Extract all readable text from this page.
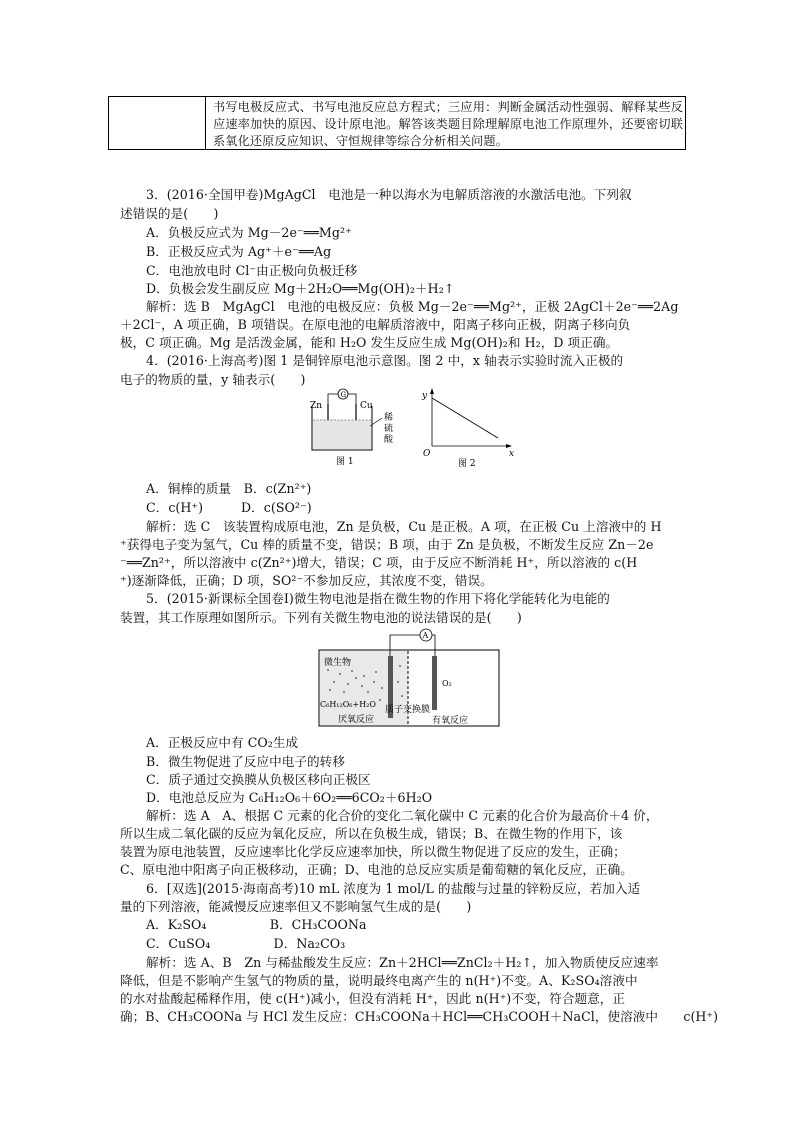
书写电极反应式、书写电池反应总方程式；三应用：判断金属活动性强弱、解释某些反应速率加快的原因、设计原电池。解答该类题目除理解原电池工作原理外，还要密切联系氧化还原反应知识、守恒规律等综合分析相关问题。
3．(2016·全国甲卷)MgAgCl　电池是一种以海水为电解质溶液的水激活电池。下列叙
述错误的是(　　)
A．负极反应式为 Mg－2e⁻══Mg²⁺
B．正极反应式为 Ag⁺＋e⁻══Ag
C．电池放电时 Cl⁻由正极向负极迁移
D．负极会发生副反应 Mg＋2H₂O══Mg(OH)₂＋H₂↑
解析：选 B　MgAgCl　电池的电极反应：负极 Mg－2e⁻══Mg²⁺，正极 2AgCl＋2e⁻══2Ag
＋2Cl⁻，A 项正确，B 项错误。在原电池的电解质溶液中，阳离子移向正极，阴离子移向负
极，C 项正确。Mg 是活泼金属，能和 H₂O 发生反应生成 Mg(OH)₂和 H₂，D 项正确。
4．(2016·上海高考)图 1 是铜锌原电池示意图。图 2 中，x 轴表示实验时流入正极的
电子的物质的量，y 轴表示(　　)
Zn
G
Cu
稀
硫
酸
图 1
y
O	x
图 2
A．铜棒的质量　B．c(Zn²⁺)
C．c(H⁺)　　　D．c(SO²⁻)
解析：选 C　该装置构成原电池，Zn 是负极，Cu 是正极。A 项，在正极 Cu 上溶液中的 H
⁺获得电子变为氢气，Cu 棒的质量不变，错误；B 项，由于 Zn 是负极，不断发生反应 Zn－2e
⁻══Zn²⁺，所以溶液中 c(Zn²⁺)增大，错误；C 项，由于反应不断消耗 H⁺，所以溶液的 c(H
⁺)逐渐降低，正确；D 项，SO²⁻不参加反应，其浓度不变，错误。
5．(2015·新课标全国卷Ⅰ)微生物电池是指在微生物的作用下将化学能转化为电能的
装置，其工作原理如图所示。下列有关微生物电池的说法错误的是(　　)
A
微生物
C₆H₁₂O₆+H₂O
O₂
质子交换膜
厌氧反应	有氧反应
A．正极反应中有 CO₂生成
B．微生物促进了反应中电子的转移
C．质子通过交换膜从负极区移向正极区
D．电池总反应为 C₆H₁₂O₆＋6O₂══6CO₂＋6H₂O
解析：选 A　A、根据 C 元素的化合价的变化二氧化碳中 C 元素的化合价为最高价＋4 价，
所以生成二氧化碳的反应为氧化反应，所以在负极生成，错误；B、在微生物的作用下，该
装置为原电池装置，反应速率比化学反应速率加快，所以微生物促进了反应的发生，正确；
C、原电池中阳离子向正极移动，正确；D、电池的总反应实质是葡萄糖的氧化反应，正确。
6．[双选](2015·海南高考)10 mL 浓度为 1 mol/L 的盐酸与过量的锌粉反应，若加入适
量的下列溶液，能减慢反应速率但又不影响氢气生成的是(　　)
A．K₂SO₄　　　　　B．CH₃COONa
C．CuSO₄　　　　　D．Na₂CO₃
解析：选 A、B　Zn 与稀盐酸发生反应：Zn＋2HCl══ZnCl₂＋H₂↑，加入物质使反应速率
降低，但是不影响产生氢气的物质的量，说明最终电离产生的 n(H⁺)不变。A、K₂SO₄溶液中
的水对盐酸起稀释作用，使 c(H⁺)减小，但没有消耗 H⁺，因此 n(H⁺)不变，符合题意，正
确；B、CH₃COONa 与 HCl 发生反应：CH₃COONa＋HCl══CH₃COOH＋NaCl，使溶液中　　c(H⁺)
